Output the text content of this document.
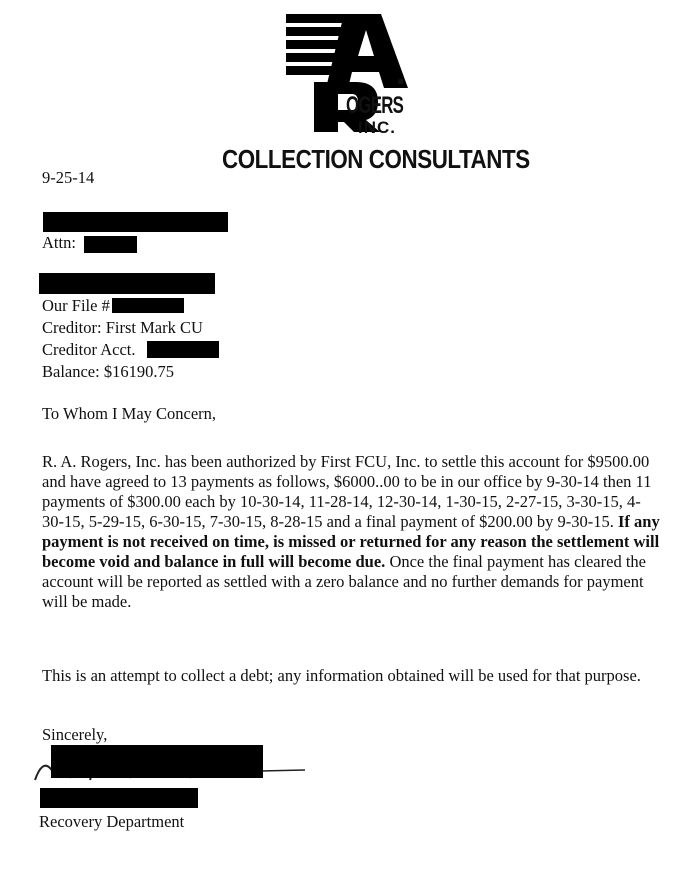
.
OGERS
INC.
COLLECTION CONSULTANTS
9-25-14
Attn:
Our File #
Creditor: First Mark CU
Creditor Acct.
Balance: $16190.75
To Whom I May Concern,
R. A. Rogers, Inc. has been authorized by First FCU, Inc. to settle this account for $9500.00 and have agreed to 13 payments as follows, $6000..00 to be in our office by 9-30-14 then 11 payments of $300.00 each by 10-30-14, 11-28-14, 12-30-14, 1-30-15, 2-27-15, 3-30-15, 4-30-15, 5-29-15, 6-30-15, 7-30-15, 8-28-15 and a final payment of $200.00 by 9-30-15. If any payment is not received on time, is missed or returned for any reason the settlement will become void and balance in full will become due. Once the final payment has cleared the account will be reported as settled with a zero balance and no further demands for payment will be made.
This is an attempt to collect a debt; any information obtained will be used for that purpose.
Sincerely,
Recovery Department
